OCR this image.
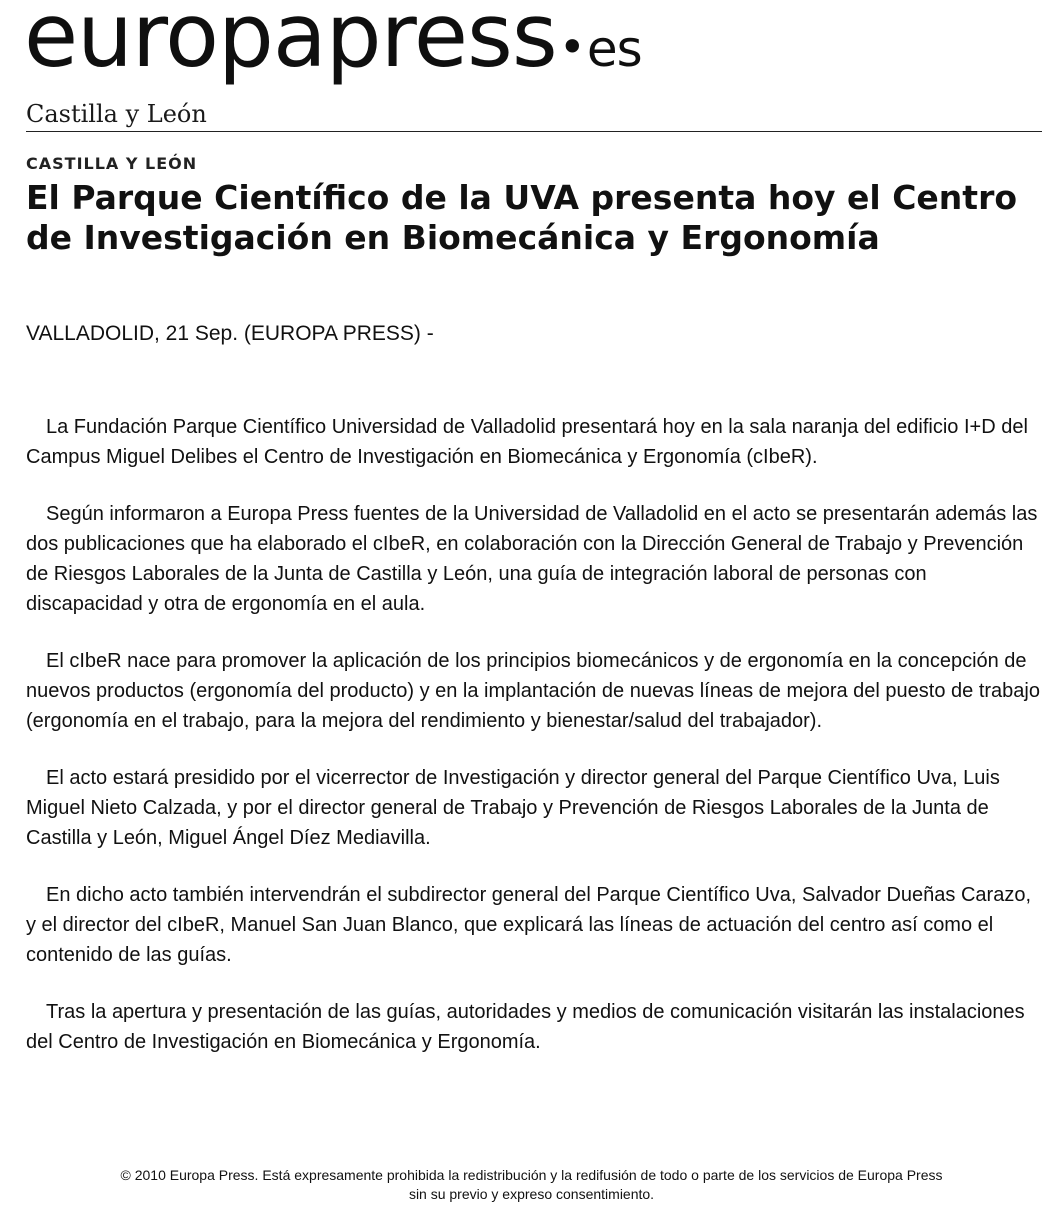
europapress • es
Castilla y León
CASTILLA Y LEÓN
El Parque Científico de la UVA presenta hoy el Centro de Investigación en Biomecánica y Ergonomía
VALLADOLID, 21 Sep. (EUROPA PRESS) -

La Fundación Parque Científico Universidad de Valladolid presentará hoy en la sala naranja del edificio I+D del Campus Miguel Delibes el Centro de Investigación en Biomecánica y Ergonomía (cIbeR).

Según informaron a Europa Press fuentes de la Universidad de Valladolid en el acto se presentarán además las dos publicaciones que ha elaborado el cIbeR, en colaboración con la Dirección General de Trabajo y Prevención de Riesgos Laborales de la Junta de Castilla y León, una guía de integración laboral de personas con discapacidad y otra de ergonomía en el aula.

El cIbeR nace para promover la aplicación de los principios biomecánicos y de ergonomía en la concepción de nuevos productos (ergonomía del producto) y en la implantación de nuevas líneas de mejora del puesto de trabajo (ergonomía en el trabajo, para la mejora del rendimiento y bienestar/salud del trabajador).

El acto estará presidido por el vicerrector de Investigación y director general del Parque Científico Uva, Luis Miguel Nieto Calzada, y por el director general de Trabajo y Prevención de Riesgos Laborales de la Junta de Castilla y León, Miguel Ángel Díez Mediavilla.

En dicho acto también intervendrán el subdirector general del Parque Científico Uva, Salvador Dueñas Carazo, y el director del cIbeR, Manuel San Juan Blanco, que explicará las líneas de actuación del centro así como el contenido de las guías.

Tras la apertura y presentación de las guías, autoridades y medios de comunicación visitarán las instalaciones del Centro de Investigación en Biomecánica y Ergonomía.

© 2010 Europa Press. Está expresamente prohibida la redistribución y la redifusión de todo o parte de los servicios de Europa Press
sin su previo y expreso consentimiento.
